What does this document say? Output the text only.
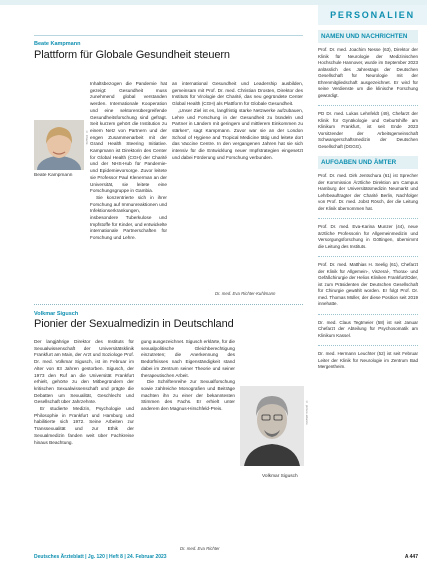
PERSONALIEN
Beate Kampmann
Plattform für Globale Gesundheit steuern
© Charité
Beate Kampmann

Inhaltsbezogen die Pandemie hat gezeigt: Gesundheit muss zunehmend global verstanden werden. Internationale Kooperation und eine sektorenübergreifende Gesundheitsforschung sind gefragt. Seit kurzem gehört die Institution zu einem Netz von Partnern und der engen Zusammenarbeit mit der Grand Health Steering Initiative. Kampmann ist Direktorin des Center for Global Health (CGH) der Charité und der NHS-Hub für Pandemie- und Epidemievorsorge. Zuvor leitete sie Professor Paul Klenerman an der Universität, sie leitete eine Forschungsgruppe in Gambia.

Sie konzentrierte sich in ihrer Forschung auf Immunreaktionen und Infektionserkrankungen, insbesondere Tuberkulose und Impfstoffe für Kinder, und entwickelte internationale Partnerschaften für Forschung und Lehre.

an international Gesundheit und Leadership ausbilden, gemeinsam mit Prof. Dr. med. Christian Drosten, Direktor des Instituts für Virologie der Charité, das neu gegründete Center Global Health (CGH) als Plattform für Globale Gesundheit.

„Unser Ziel ist es, langfristig starke Netzwerke aufzubauen, Lehre und Forschung in der Gesundheit zu bündeln und Partner in Ländern mit geringem und mittlerem Einkommen zu stärken“, sagt Kampmann. Zuvor war sie an der London School of Hygiene and Tropical Medicine tätig und leitete dort das Vaccine Centre. In den vergangenen Jahren hat sie sich intensiv für die Entwicklung neuer Impfstrategien eingesetzt und dabei Förderung und Forschung verbunden.

Dr. med. Eva Richter-Kuhlmann
Volkmar Sigusch
Pionier der Sexualmedizin in Deutschland

Der langjährige Direktor des Instituts für Sexualwissenschaft der Universitätsklinik Frankfurt am Main, der Arzt und Soziologe Prof. Dr. med. Volkmar Sigusch, ist im Februar im Alter von 83 Jahren gestorben. Sigusch, der 1973 den Ruf an die Universität Frankfurt erhielt, gehörte zu den Mitbegründern der kritischen Sexualwissenschaft und prägte die Debatten um Sexualität, Geschlecht und Gesellschaft über Jahrzehnte.

Er studierte Medizin, Psychologie und Philosophie in Frankfurt und Hamburg und habilitierte sich 1972. Seine Arbeiten zur Transsexualität und zur Ethik der Sexualmedizin fanden weit über Fachkreise hinaus Beachtung.

gung ausgezeichnet. Sigusch erklärte, für die sexualpolitische Gleichberechtigung einzutreten; die Anerkennung des Bedürfnisses nach Eigenständigkeit stand dabei im Zentrum seiner Theorie und seiner therapeutischen Arbeit.

Die Schriftenreihe zur Sexualforschung sowie zahlreiche Monografien und Beiträge machten ihn zu einer der bekanntesten Stimmen des Fachs. Er erhielt unter anderem den Magnus-Hirschfeld-Preis.	© picture alliance
Volkmar Sigusch
Dr. med. Eva Richter
NAMEN UND NACHRICHTEN
Prof. Dr. med. Joachim Nesse (63), Direktor der Klinik für Neurologie der Medizinischen Hochschule Hannover, wurde im September 2023 anlässlich des Jahrestags der Deutschen Gesellschaft für Neurologie mit der Ehrenmitgliedschaft ausgezeichnet. Er wird für seine Verdienste um die klinische Forschung gewürdigt.
PD Dr. med. Lukas Lehnfeldt (49), Chefarzt der Klinik für Gynäkologie und Geburtshilfe am Klinikum Frankfurt, ist seit Ende 2023 Vorsitzender der Arbeitsgemeinschaft Schwangerschaftsmedizin der Deutschen Gesellschaft (DGGG).
AUFGABEN UND ÄMTER
Prof. Dr. med. Dirk Jentschura (61) ist Sprecher der Kommission Ärztliche Direktion am Campus Hamburg der Universitätsmedizin Neumarkt und Lehrbeauftragter der Charité Berlin, Nachfolger von Prof. Dr. med. Jobst Rösch, der die Leitung der Klinik übernommen hat.
Prof. Dr. med. Eva-Karina Munzer (44), neue ärztliche Professorin für Allgemeinmedizin und Versorgungsforschung in Göttingen, übernimmt die Leitung des Instituts.
Prof. Dr. med. Matthias H. Seelig (61), Chefarzt der Klinik für Allgemein-, Viszeral-, Thorax- und Gefäßchirurgie der Helios Kliniken Frankfurt/Oder, ist zum Präsidenten der Deutschen Gesellschaft für Chirurgie gewählt worden. Er folgt Prof. Dr. med. Thomas Müller, der diese Position seit 2019 innehatte.
Dr. med. Claus Tegtmeier (58) ist seit Januar Chefarzt der Abteilung für Psychosomatik am Klinikum Kassel.
Dr. med. Hermann Leuchter (52) ist seit Februar Leiter der Klinik für Neurologie im Zentrum Bad Mergentheim.
Deutsches Ärzteblatt | Jg. 120 | Heft 8 | 24. Februar 2023	A 447
